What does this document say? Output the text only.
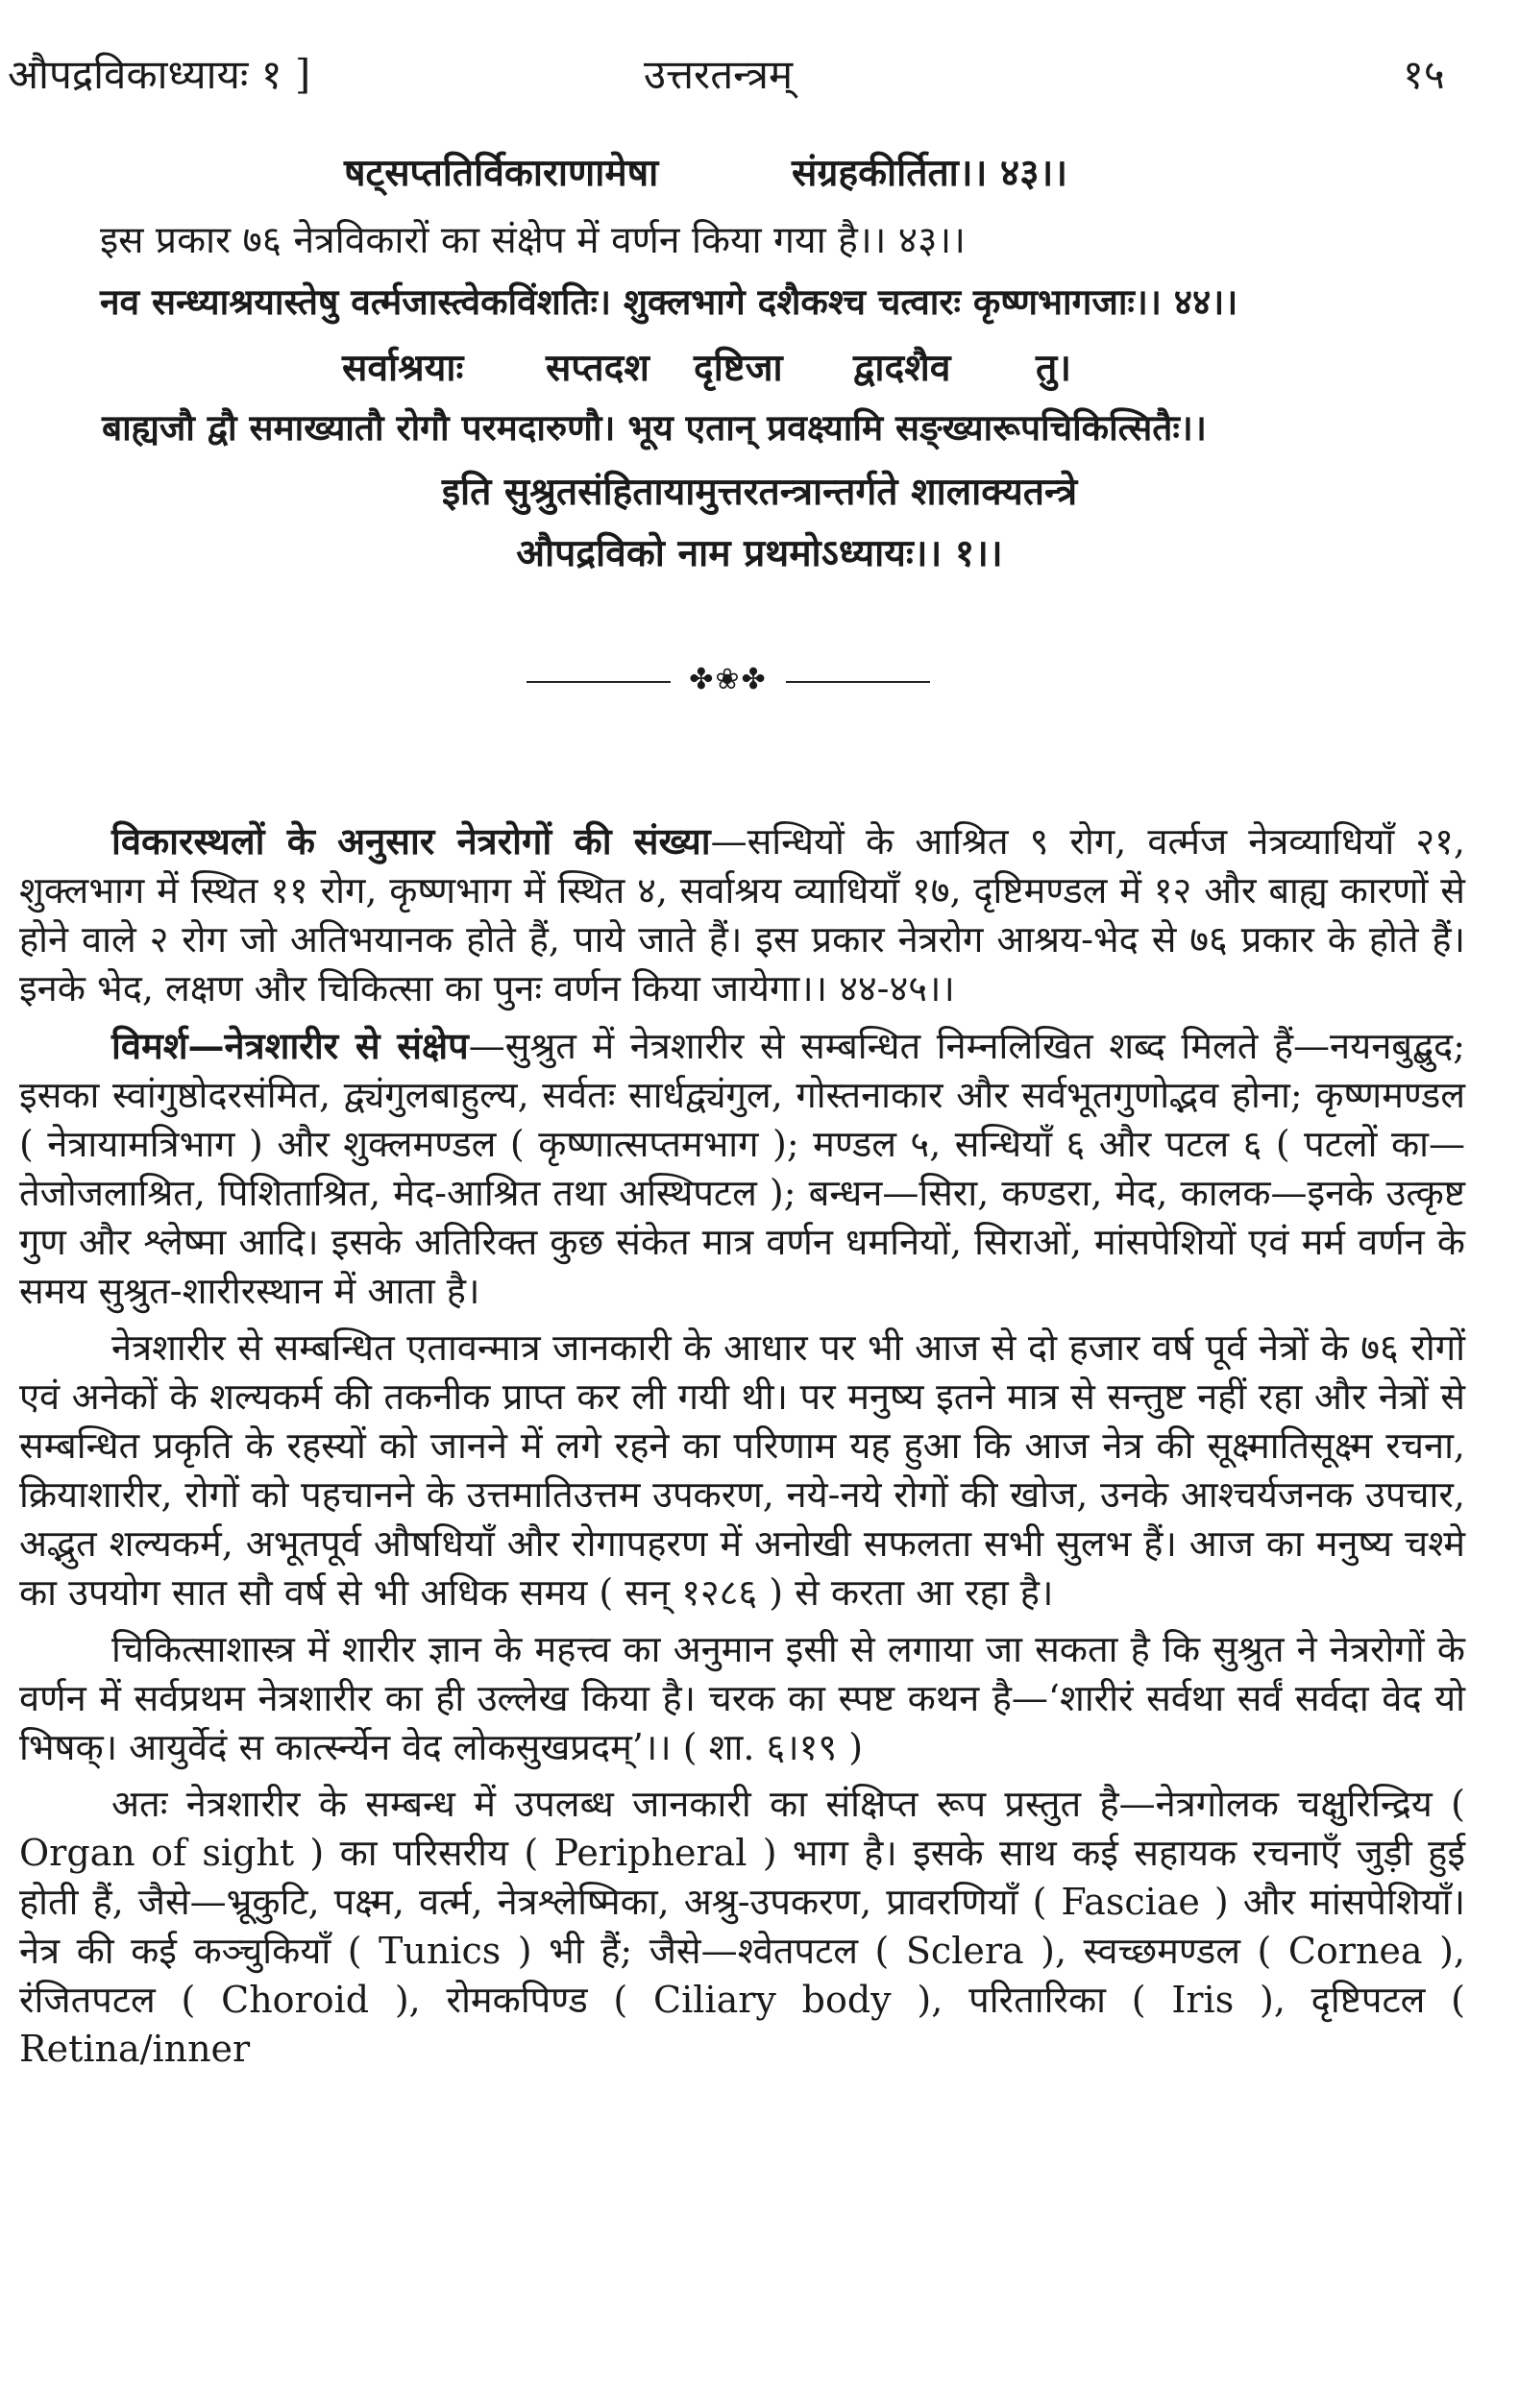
औपद्रविकाध्यायः १ ]	उत्तरतन्त्रम्	१५
षट्सप्ततिर्विकाराणामेषा	संग्रहकीर्तिता।। ४३।।
इस प्रकार ७६ नेत्रविकारों का संक्षेप में वर्णन किया गया है।। ४३।।
नव सन्ध्याश्रयास्तेषु वर्त्मजास्त्वेकविंशतिः। शुक्लभागे दशैकश्च चत्वारः कृष्णभागजाः।। ४४।।
सर्वाश्रयाः सप्तदश दृष्टिजा द्वादशैव तु।
बाह्यजौ द्वौ समाख्यातौ रोगौ परमदारुणौ। भूय एतान् प्रवक्ष्यामि सङ्ख्यारूपचिकित्सितैः।।
इति सुश्रुतसंहितायामुत्तरतन्त्रान्तर्गते शालाक्यतन्त्रे
औपद्रविको नाम प्रथमोऽध्यायः।। १।।
✤❀✤

विकारस्थलों के अनुसार नेत्ररोगों की संख्या—सन्धियों के आश्रित ९ रोग, वर्त्मज नेत्रव्याधियाँ २१, शुक्लभाग में स्थित ११ रोग, कृष्णभाग में स्थित ४, सर्वाश्रय व्याधियाँ १७, दृष्टिमण्डल में १२ और बाह्य कारणों से होने वाले २ रोग जो अतिभयानक होते हैं, पाये जाते हैं। इस प्रकार नेत्ररोग आश्रय-भेद से ७६ प्रकार के होते हैं। इनके भेद, लक्षण और चिकित्सा का पुनः वर्णन किया जायेगा।। ४४-४५।।

विमर्श—नेत्रशारीर से संक्षेप—सुश्रुत में नेत्रशारीर से सम्बन्धित निम्नलिखित शब्द मिलते हैं—नयनबुद्बुद; इसका स्वांगुष्ठोदरसंमित, द्व्यंगुलबाहुल्य, सर्वतः सार्धद्व्यंगुल, गोस्तनाकार और सर्वभूतगुणोद्भव होना; कृष्णमण्डल ( नेत्रायामत्रिभाग ) और शुक्लमण्डल ( कृष्णात्सप्तमभाग ); मण्डल ५, सन्धियाँ ६ और पटल ६ ( पटलों का—तेजोजलाश्रित, पिशिताश्रित, मेद-आश्रित तथा अस्थिपटल ); बन्धन—सिरा, कण्डरा, मेद, कालक—इनके उत्कृष्ट गुण और श्लेष्मा आदि। इसके अतिरिक्त कुछ संकेत मात्र वर्णन धमनियों, सिराओं, मांसपेशियों एवं मर्म वर्णन के समय सुश्रुत-शारीरस्थान में आता है।

नेत्रशारीर से सम्बन्धित एतावन्मात्र जानकारी के आधार पर भी आज से दो हजार वर्ष पूर्व नेत्रों के ७६ रोगों एवं अनेकों के शल्यकर्म की तकनीक प्राप्त कर ली गयी थी। पर मनुष्य इतने मात्र से सन्तुष्ट नहीं रहा और नेत्रों से सम्बन्धित प्रकृति के रहस्यों को जानने में लगे रहने का परिणाम यह हुआ कि आज नेत्र की सूक्ष्मातिसूक्ष्म रचना, क्रियाशारीर, रोगों को पहचानने के उत्तमातिउत्तम उपकरण, नये-नये रोगों की खोज, उनके आश्चर्यजनक उपचार, अद्भुत शल्यकर्म, अभूतपूर्व औषधियाँ और रोगापहरण में अनोखी सफलता सभी सुलभ हैं। आज का मनुष्य चश्मे का उपयोग सात सौ वर्ष से भी अधिक समय ( सन् १२८६ ) से करता आ रहा है।

चिकित्साशास्त्र में शारीर ज्ञान के महत्त्व का अनुमान इसी से लगाया जा सकता है कि सुश्रुत ने नेत्ररोगों के वर्णन में सर्वप्रथम नेत्रशारीर का ही उल्लेख किया है। चरक का स्पष्ट कथन है—‘शारीरं सर्वथा सर्वं सर्वदा वेद यो भिषक्। आयुर्वेदं स कार्त्स्न्येन वेद लोकसुखप्रदम्’।। ( शा. ६।१९ )

अतः नेत्रशारीर के सम्बन्ध में उपलब्ध जानकारी का संक्षिप्त रूप प्रस्तुत है—नेत्रगोलक चक्षुरिन्द्रिय ( Organ of sight ) का परिसरीय ( Peripheral ) भाग है। इसके साथ कई सहायक रचनाएँ जुड़ी हुई होती हैं, जैसे—भ्रूकुटि, पक्ष्म, वर्त्म, नेत्रश्लेष्मिका, अश्रु-उपकरण, प्रावरणियाँ ( Fasciae ) और मांसपेशियाँ। नेत्र की कई कञ्चुकियाँ ( Tunics ) भी हैं; जैसे—श्वेतपटल ( Sclera ), स्वच्छमण्डल ( Cornea ), रंजितपटल ( Choroid ), रोमकपिण्ड ( Ciliary body ), परितारिका ( Iris ), दृष्टिपटल ( Retina/inner
